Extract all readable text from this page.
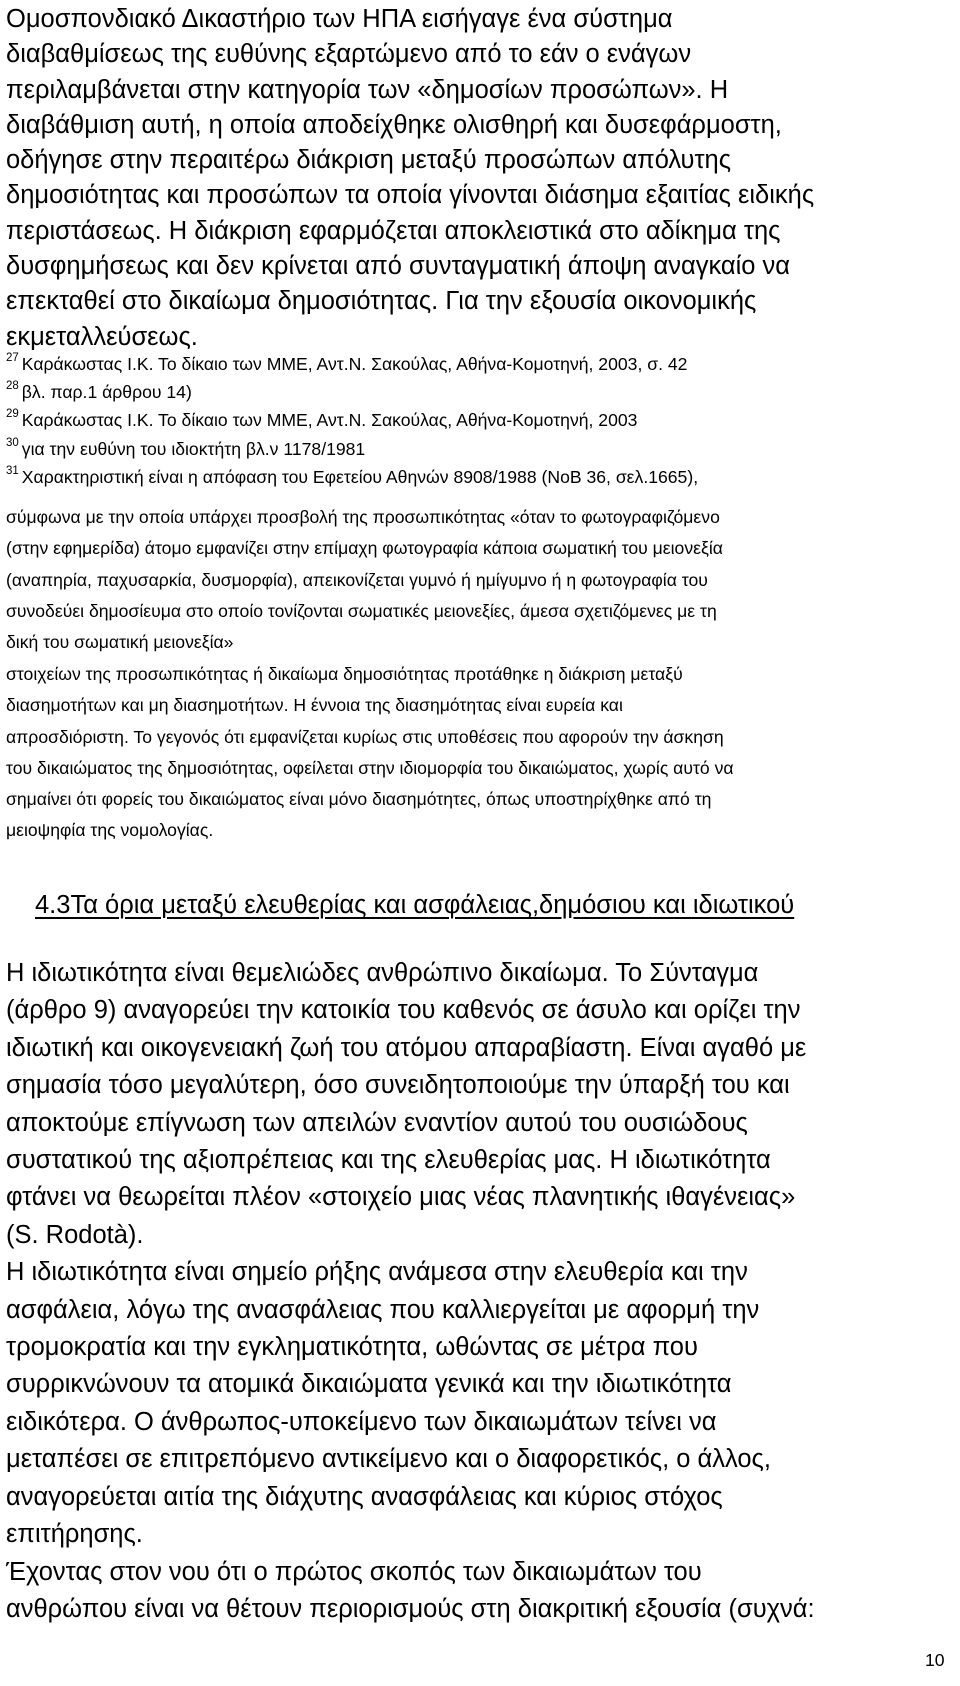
Ομοσπονδιακό Δικαστήριο των ΗΠΑ εισήγαγε ένα σύστημα
διαβαθμίσεως της ευθύνης εξαρτώμενο από το εάν ο ενάγων
περιλαμβάνεται στην κατηγορία των «δημοσίων προσώπων». Η
διαβάθμιση αυτή, η οποία αποδείχθηκε ολισθηρή και δυσεφάρμοστη,
οδήγησε στην περαιτέρω διάκριση μεταξύ προσώπων απόλυτης
δημοσιότητας και προσώπων τα οποία γίνονται διάσημα εξαιτίας ειδικής
περιστάσεως. Η διάκριση εφαρμόζεται αποκλειστικά στο αδίκημα της
δυσφημήσεως και δεν κρίνεται από συνταγματική άποψη αναγκαίο να
επεκταθεί στο δικαίωμα δημοσιότητας. Για την εξουσία οικονομικής
εκμεταλλεύσεως.
$^{27}$ Καράκωστας Ι.Κ. Το δίκαιο των ΜΜΕ, Αντ.Ν. Σακούλας, Αθήνα-Κομοτηνή, 2003, σ. 42
$^{28}$ βλ. παρ.1 άρθρου 14)
$^{29}$ Καράκωστας Ι.Κ. Το δίκαιο των ΜΜΕ, Αντ.Ν. Σακούλας, Αθήνα-Κομοτηνή, 2003
$^{30}$ για την ευθύνη του ιδιοκτήτη βλ.ν 1178/1981
$^{31}$ Χαρακτηριστική είναι η απόφαση του Εφετείου Αθηνών 8908/1988 (ΝοΒ 36, σελ.1665),
σύμφωνα με την οποία υπάρχει προσβολή της προσωπικότητας «όταν το φωτογραφιζόμενο
(στην εφημερίδα) άτομο εμφανίζει στην επίμαχη φωτογραφία κάποια σωματική του μειονεξία
(αναπηρία, παχυσαρκία, δυσμορφία), απεικονίζεται γυμνό ή ημίγυμνο ή η φωτογραφία του
συνοδεύει δημοσίευμα στο οποίο τονίζονται σωματικές μειονεξίες, άμεσα σχετιζόμενες με τη
δική του σωματική μειονεξία»
στοιχείων της προσωπικότητας ή δικαίωμα δημοσιότητας προτάθηκε η διάκριση μεταξύ
διασημοτήτων και μη διασημοτήτων. Η έννοια της διασημότητας είναι ευρεία και
απροσδιόριστη. Το γεγονός ότι εμφανίζεται κυρίως στις υποθέσεις που αφορούν την άσκηση
του δικαιώματος της δημοσιότητας, οφείλεται στην ιδιομορφία του δικαιώματος, χωρίς αυτό να
σημαίνει ότι φορείς του δικαιώματος είναι μόνο διασημότητες, όπως υποστηρίχθηκε από τη
μειοψηφία της νομολογίας.
4.3Τα όρια μεταξύ ελευθερίας και ασφάλειας,δημόσιου και ιδιωτικού
Η ιδιωτικότητα είναι θεμελιώδες ανθρώπινο δικαίωμα. Το Σύνταγμα
(άρθρο 9) αναγορεύει την κατοικία του καθενός σε άσυλο και ορίζει την
ιδιωτική και οικογενειακή ζωή του ατόμου απαραβίαστη. Είναι αγαθό με
σημασία τόσο μεγαλύτερη, όσο συνειδητοποιούμε την ύπαρξή του και
αποκτούμε επίγνωση των απειλών εναντίον αυτού του ουσιώδους
συστατικού της αξιοπρέπειας και της ελευθερίας μας. Η ιδιωτικότητα
φτάνει να θεωρείται πλέον «στοιχείο μιας νέας πλανητικής ιθαγένειας»
(S. Rodotà).
Η ιδιωτικότητα είναι σημείο ρήξης ανάμεσα στην ελευθερία και την
ασφάλεια, λόγω της ανασφάλειας που καλλιεργείται με αφορμή την
τρομοκρατία και την εγκληματικότητα, ωθώντας σε μέτρα που
συρρικνώνουν τα ατομικά δικαιώματα γενικά και την ιδιωτικότητα
ειδικότερα. Ο άνθρωπος-υποκείμενο των δικαιωμάτων τείνει να
μεταπέσει σε επιτρεπόμενο αντικείμενο και ο διαφορετικός, ο άλλος,
αναγορεύεται αιτία της διάχυτης ανασφάλειας και κύριος στόχος
επιτήρησης.
Έχοντας στον νου ότι ο πρώτος σκοπός των δικαιωμάτων του
ανθρώπου είναι να θέτουν περιορισμούς στη διακριτική εξουσία (συχνά:
10
